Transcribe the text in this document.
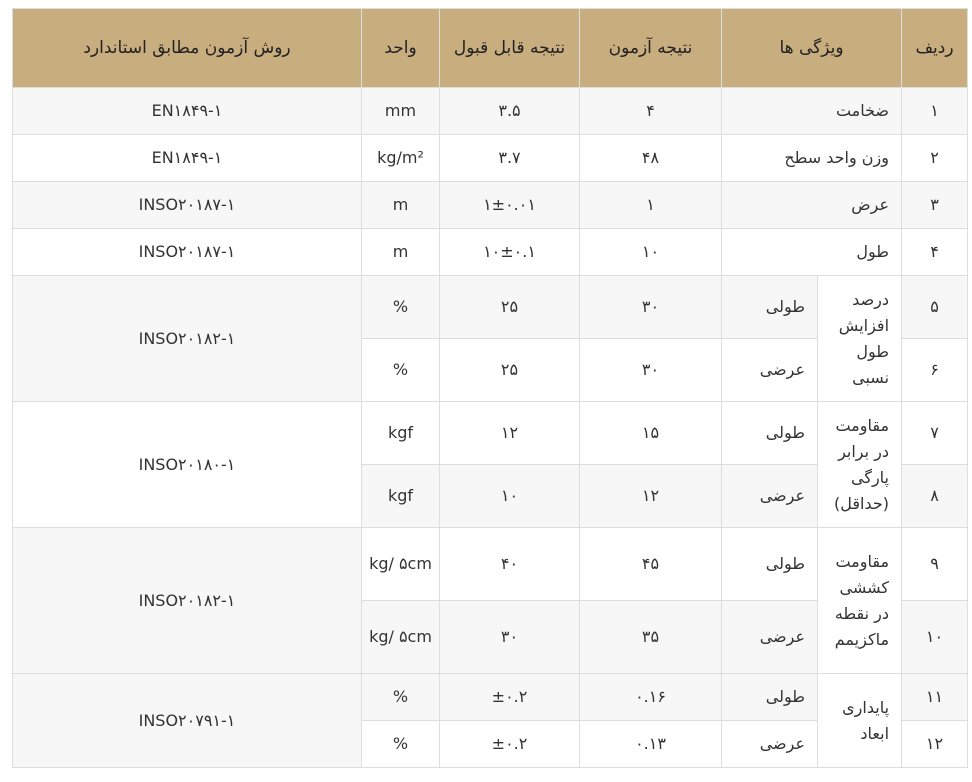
ردیف	ویژگی ها		نتیجه آزمون	نتیجه قابل قبول	واحد	روش آزمون مطابق استاندارد
۱	ضخامت		۴	۳.۵	mm	EN۱۸۴۹-۱
۲	وزن واحد سطح		۴۸	۳.۷	kg/m²	EN۱۸۴۹-۱
۳	عرض		۱	۱±۰.۰۱	m	INSO۲۰۱۸۷-۱
۴	طول		۱۰	۱۰±۰.۱	m	INSO۲۰۱۸۷-۱
۵	درصد افزایش طول نسبی	طولی	۳۰	۲۵	%	INSO۲۰۱۸۲-۱
۶		عرضی	۳۰	۲۵	%	
۷	مقاومت در برابر پارگی (حداقل)	طولی	۱۵	۱۲	kgf	INSO۲۰۱۸۰-۱
۸		عرضی	۱۲	۱۰	kgf	
۹	مقاومت کششی در نقطه ماکزیمم	طولی	۴۵	۴۰	kg/ ۵cm	INSO۲۰۱۸۲-۱
۱۰		عرضی	۳۵	۳۰	kg/ ۵cm	
۱۱	پایداری ابعاد	طولی	۰.۱۶	±۰.۲	%	INSO۲۰۷۹۱-۱
۱۲		عرضی	۰.۱۳	±۰.۲	%	
